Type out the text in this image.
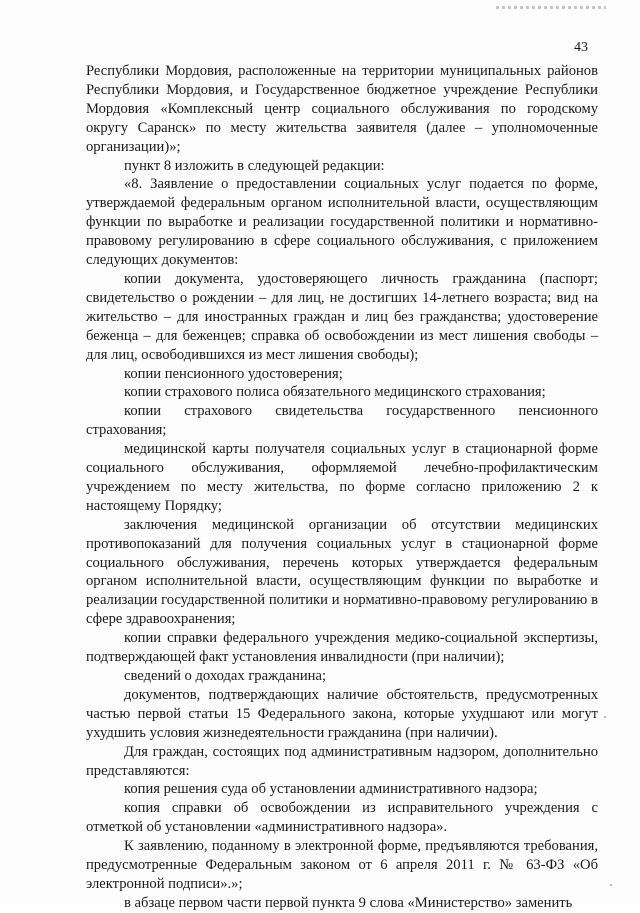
43

Республики Мордовия, расположенные на территории муниципальных районов Республики Мордовия, и Государственное бюджетное учреждение Республики Мордовия «Комплексный центр социального обслуживания по городскому округу Саранск» по месту жительства заявителя (далее – уполномоченные организации)»;

пункт 8 изложить в следующей редакции:

«8. Заявление о предоставлении социальных услуг подается по форме, утверждаемой федеральным органом исполнительной власти, осуществляющим функции по выработке и реализации государственной политики и нормативно-правовому регулированию в сфере социального обслуживания, с приложением следующих документов:

копии документа, удостоверяющего личность гражданина (паспорт; свидетельство о рождении – для лиц, не достигших 14-летнего возраста; вид на жительство – для иностранных граждан и лиц без гражданства; удостоверение беженца – для беженцев; справка об освобождении из мест лишения свободы – для лиц, освободившихся из мест лишения свободы);

копии пенсионного удостоверения;

копии страхового полиса обязательного медицинского страхования;

копии страхового свидетельства государственного пенсионного страхования;

медицинской карты получателя социальных услуг в стационарной форме социального обслуживания, оформляемой лечебно-профилактическим учреждением по месту жительства, по форме согласно приложению 2 к настоящему Порядку;

заключения медицинской организации об отсутствии медицинских противопоказаний для получения социальных услуг в стационарной форме социального обслуживания, перечень которых утверждается федеральным органом исполнительной власти, осуществляющим функции по выработке и реализации государственной политики и нормативно-правовому регулированию в сфере здравоохранения;

копии справки федерального учреждения медико-социальной экспертизы, подтверждающей факт установления инвалидности (при наличии);

сведений о доходах гражданина;

документов, подтверждающих наличие обстоятельств, предусмотренных частью первой статьи 15 Федерального закона, которые ухудшают или могут ухудшить условия жизнедеятельности гражданина (при наличии).

Для граждан, состоящих под административным надзором, дополнительно представляются:

копия решения суда об установлении административного надзора;

копия справки об освобождении из исправительного учреждения с отметкой об установлении «административного надзора».

К заявлению, поданному в электронной форме, предъявляются требования, предусмотренные Федеральным законом от 6 апреля 2011 г. № 63-ФЗ «Об электронной подписи».»;

в абзаце первом части первой пункта 9 слова «Министерство» заменить
